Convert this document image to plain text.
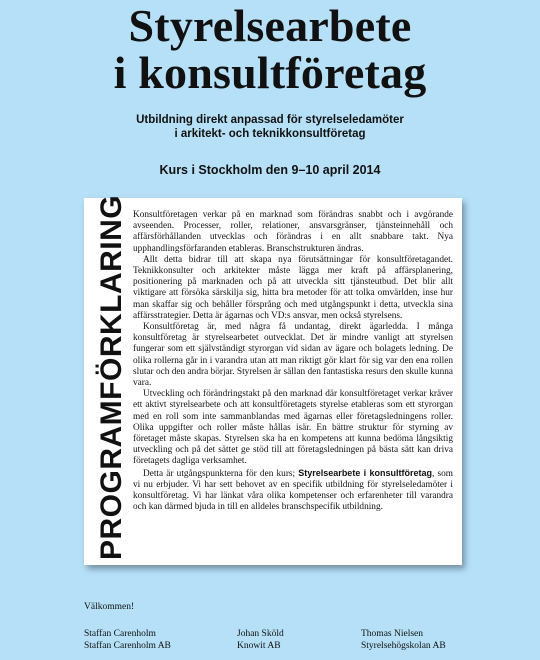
Styrelsearbete
i konsultföretag
Utbildning direkt anpassad för styrelseledamöter
i arkitekt- och teknikkonsultföretag
Kurs i Stockholm den 9–10 april 2014
PROGRAMFÖRKLARING Konsultföretagen verkar på en marknad som förändras snabbt och i avgörande avseenden. Processer, roller, relationer, ansvarsgränser, tjänsteinnehåll och affärsförhållanden utvecklas och förändras i en allt snabbare takt. Nya upphandlingsförfaranden etableras. Branschstrukturen ändras.

Allt detta bidrar till att skapa nya förutsättningar för konsultföretagandet. Teknikkonsulter och arkitekter måste lägga mer kraft på affärsplanering, positionering på marknaden och på att utveckla sitt tjänsteutbud. Det blir allt viktigare att försöka särskilja sig, hitta bra metoder för att tolka omvärlden, inse hur man skaffar sig och behåller försprång och med utgångspunkt i detta, utveckla sina affärsstrategier. Detta är ägarnas och VD:s ansvar, men också styrelsens.

Konsultföretag är, med några få undantag, direkt ägarledda. I många konsultföretag är styrelsearbetet outvecklat. Det är mindre vanligt att styrelsen fungerar som ett självständigt styrorgan vid sidan av ägare och bolagets ledning. De olika rollerna går in i varandra utan att man riktigt gör klart för sig var den ena rollen slutar och den andra börjar. Styrelsen är sällan den fantastiska resurs den skulle kunna vara.

Utveckling och förändringstakt på den marknad där konsultföretaget verkar kräver ett aktivt styrelsearbete och att konsultföretagets styrelse etableras som ett styrorgan med en roll som inte sammanblandas med ägarnas eller företagsledningens roller. Olika uppgifter och roller måste hållas isär. En bättre struktur för styrning av företaget måste skapas. Styrelsen ska ha en kompetens att kunna bedöma långsiktig utveckling och på det sättet ge stöd till att företagsledningen på bästa sätt kan driva företagets dagliga verksamhet.

Detta är utgångspunkterna för den kurs; Styrelsearbete i konsultföretag, som vi nu erbjuder. Vi har sett behovet av en specifik utbildning för styrelseledamöter i konsultföretag. Vi har länkat våra olika kompetenser och erfarenheter till varandra och kan därmed bjuda in till en alldeles branschspecifik utbildning.

Välkommen!
Staffan Carenholm
Staffan Carenholm AB
Johan Sköld
Knowit AB
Thomas Nielsen
Styrelsehögskolan AB
